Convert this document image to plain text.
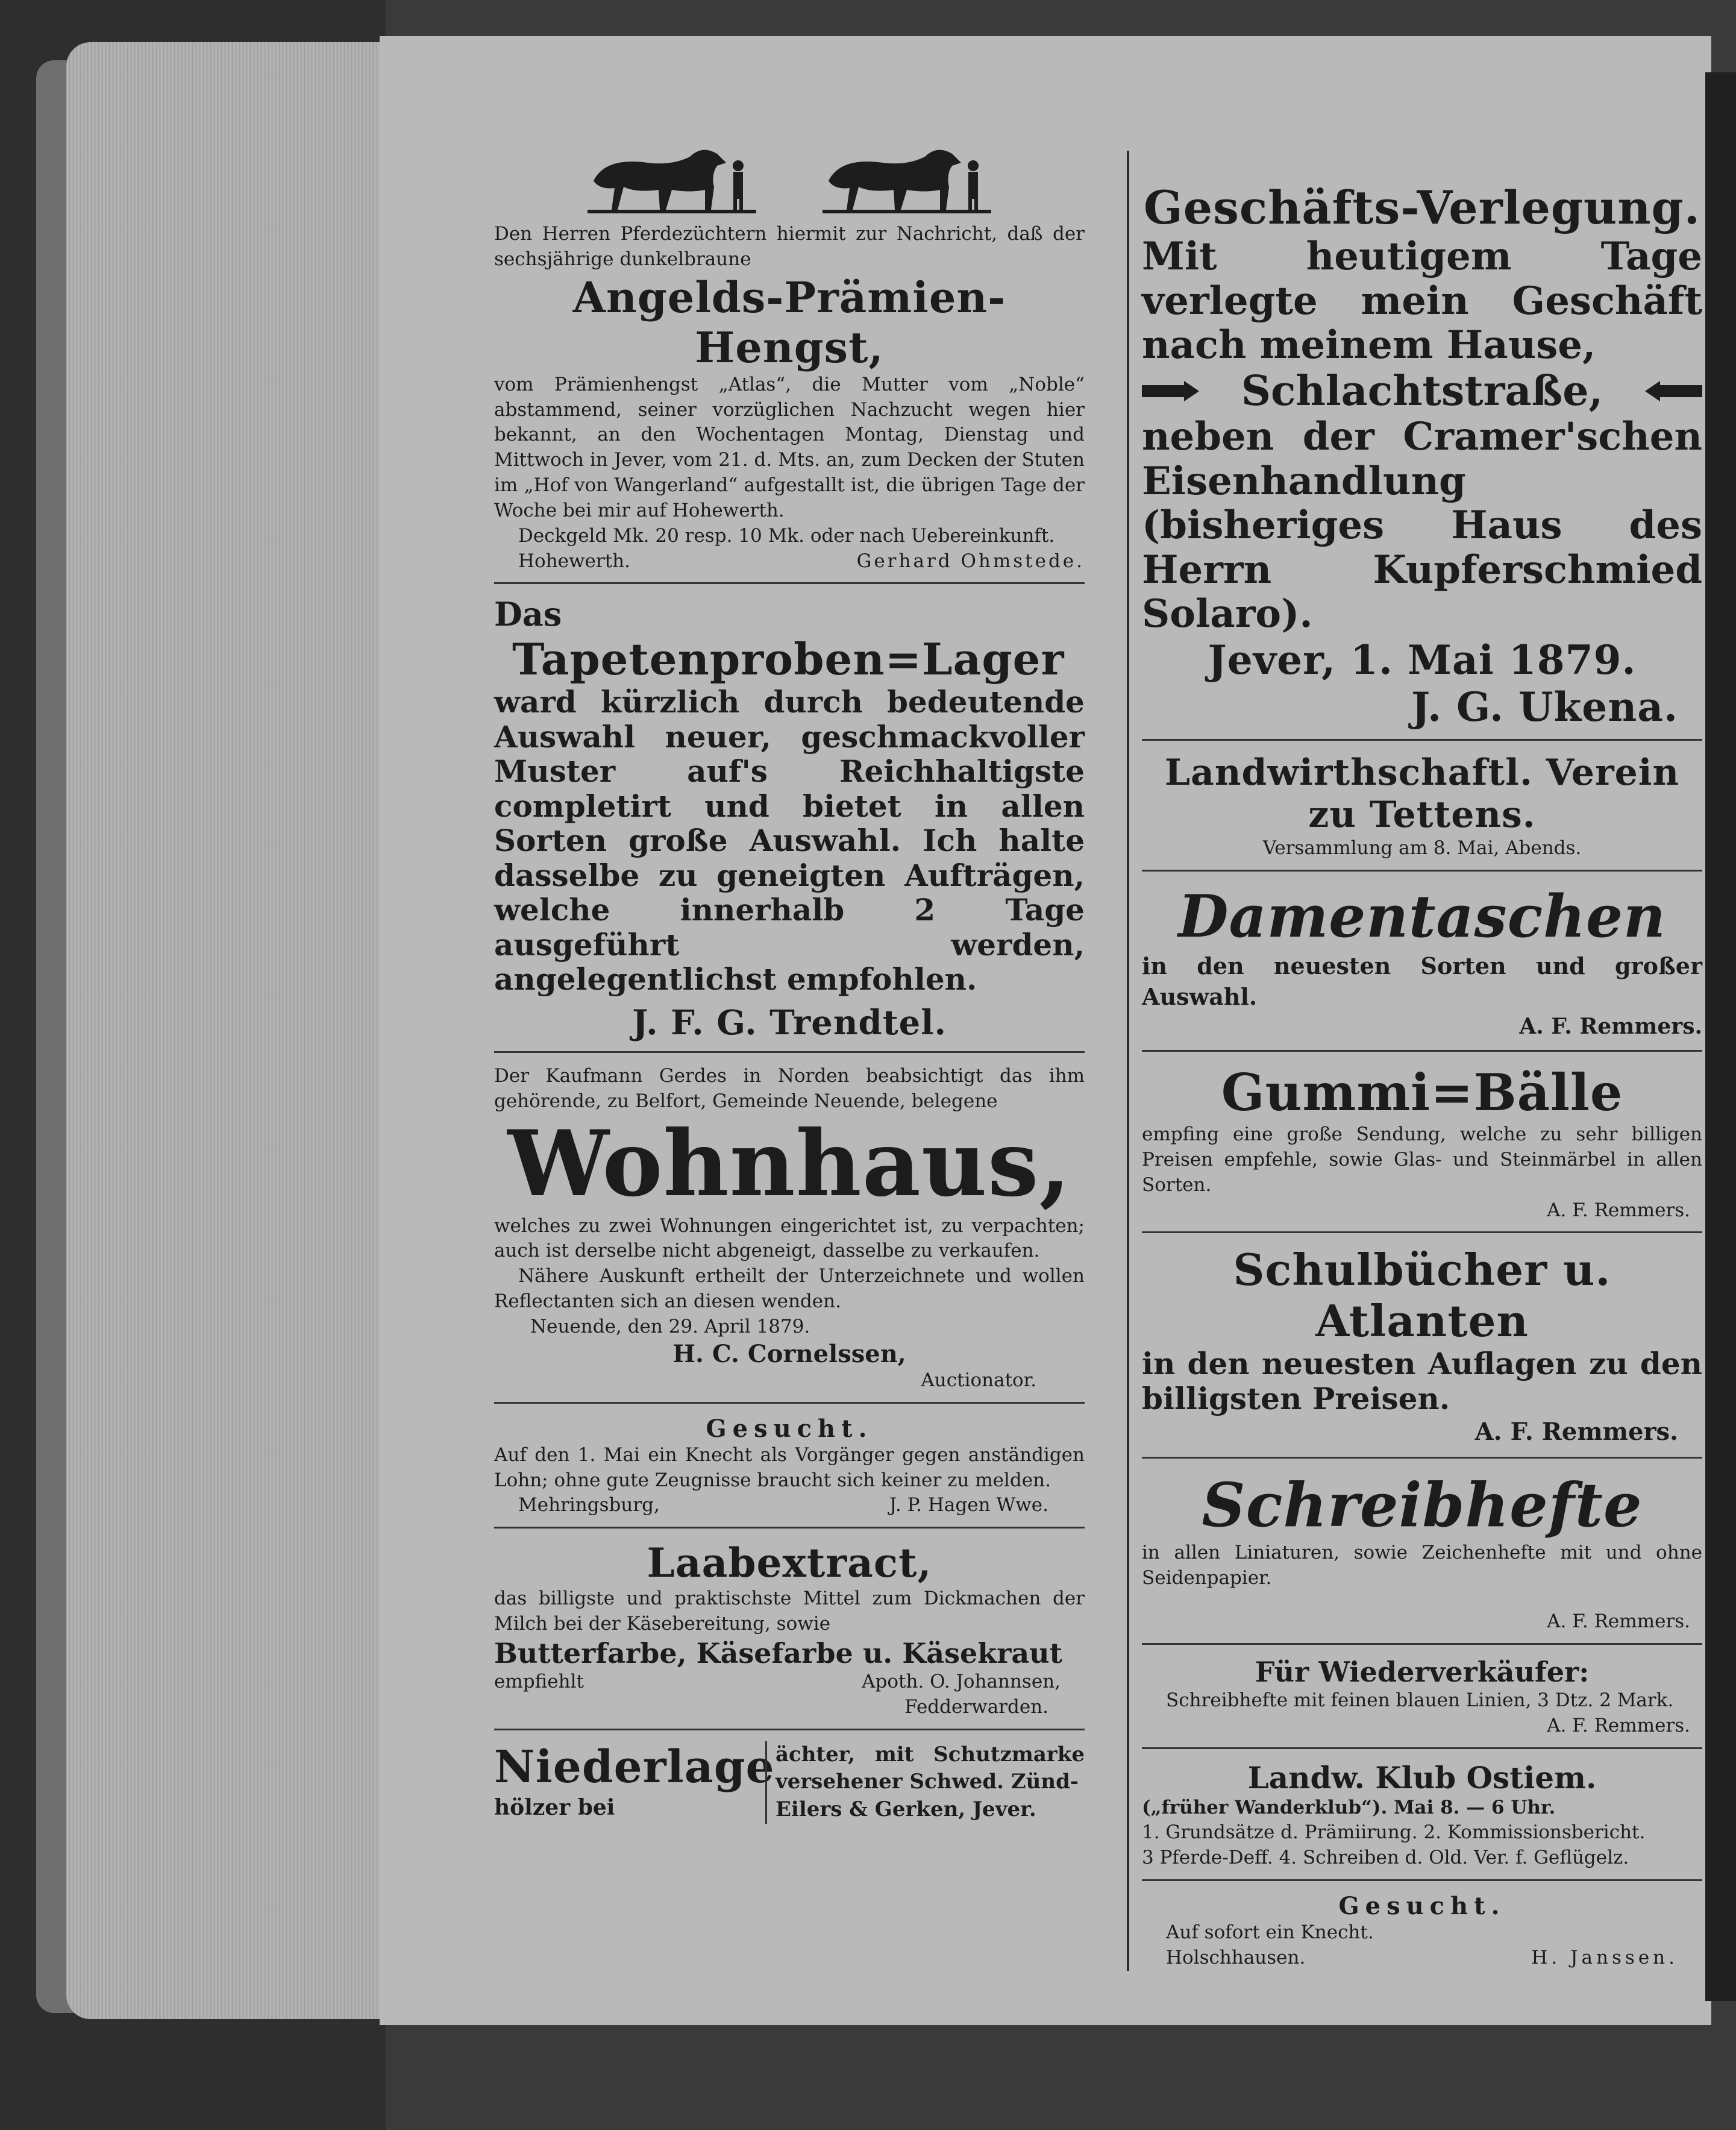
Den Herren Pferdezüchtern hiermit zur Nachricht, daß der sechsjährige dunkelbraune
Angelds-Prämien-Hengst,
vom Prämienhengst „Atlas“, die Mutter vom „Noble“ abstammend, seiner vorzüglichen Nachzucht wegen hier bekannt, an den Wochentagen Montag, Dienstag und Mittwoch in Jever, vom 21. d. Mts. an, zum Decken der Stuten im „Hof von Wangerland“ aufgestallt ist, die übrigen Tage der Woche bei mir auf Hohewerth.
Deckgeld Mk. 20 resp. 10 Mk. oder nach Uebereinkunft.
Hohewerth.	Gerhard Ohmstede.
Das
Tapetenproben=Lager
ward kürzlich durch bedeutende Auswahl neuer, geschmackvoller Muster auf's Reichhaltigste completirt und bietet in allen Sorten große Auswahl. Ich halte dasselbe zu geneigten Aufträgen, welche innerhalb 2 Tage ausgeführt werden, angelegentlichst empfohlen.
J. F. G. Trendtel.
Der Kaufmann Gerdes in Norden beabsichtigt das ihm gehörende, zu Belfort, Gemeinde Neuende, belegene
Wohnhaus,
welches zu zwei Wohnungen eingerichtet ist, zu verpachten; auch ist derselbe nicht abgeneigt, dasselbe zu verkaufen.
Nähere Auskunft ertheilt der Unterzeichnete und wollen Reflectanten sich an diesen wenden.
Neuende, den 29. April 1879.
H. C. Cornelssen,
Auctionator.
Gesucht.
Auf den 1. Mai ein Knecht als Vorgänger gegen anständigen Lohn; ohne gute Zeugnisse braucht sich keiner zu melden.
Mehringsburg,	J. P. Hagen Wwe.
Laabextract,
das billigste und praktischste Mittel zum Dickmachen der Milch bei der Käsebereitung, sowie
Butterfarbe, Käsefarbe u. Käsekraut
empfiehlt	Apoth. O. Johannsen,
Fedderwarden.
Niederlage
hölzer bei
ächter, mit Schutzmarke versehener Schwed. Zünd-
Eilers & Gerken, Jever.
Geschäfts-Verlegung.
Mit heutigem Tage verlegte mein Geschäft nach meinem Hause,
Schlachtstraße,
neben der Cramer'schen Eisenhandlung (bisheriges Haus des Herrn Kupferschmied Solaro).
Jever, 1. Mai 1879.
J. G. Ukena.
Landwirthschaftl. Verein zu Tettens.
Versammlung am 8. Mai, Abends.
Damentaschen
in den neuesten Sorten und großer Auswahl.
A. F. Remmers.
Gummi=Bälle
empfing eine große Sendung, welche zu sehr billigen Preisen empfehle, sowie Glas- und Steinmärbel in allen Sorten.
A. F. Remmers.
Schulbücher u. Atlanten
in den neuesten Auflagen zu den billigsten Preisen.
A. F. Remmers.
Schreibhefte
in allen Liniaturen, sowie Zeichenhefte mit und ohne Seidenpapier.
A. F. Remmers.
Für Wiederverkäufer:
Schreibhefte mit feinen blauen Linien, 3 Dtz. 2 Mark.
A. F. Remmers.
Landw. Klub Ostiem.
(„früher Wanderklub“). Mai 8. — 6 Uhr.
1. Grundsätze d. Prämiirung. 2. Kommissionsbericht.
3 Pferde-Deff. 4. Schreiben d. Old. Ver. f. Geflügelz.
Gesucht.
Auf sofort ein Knecht.
Holschhausen.	H. Janssen.
